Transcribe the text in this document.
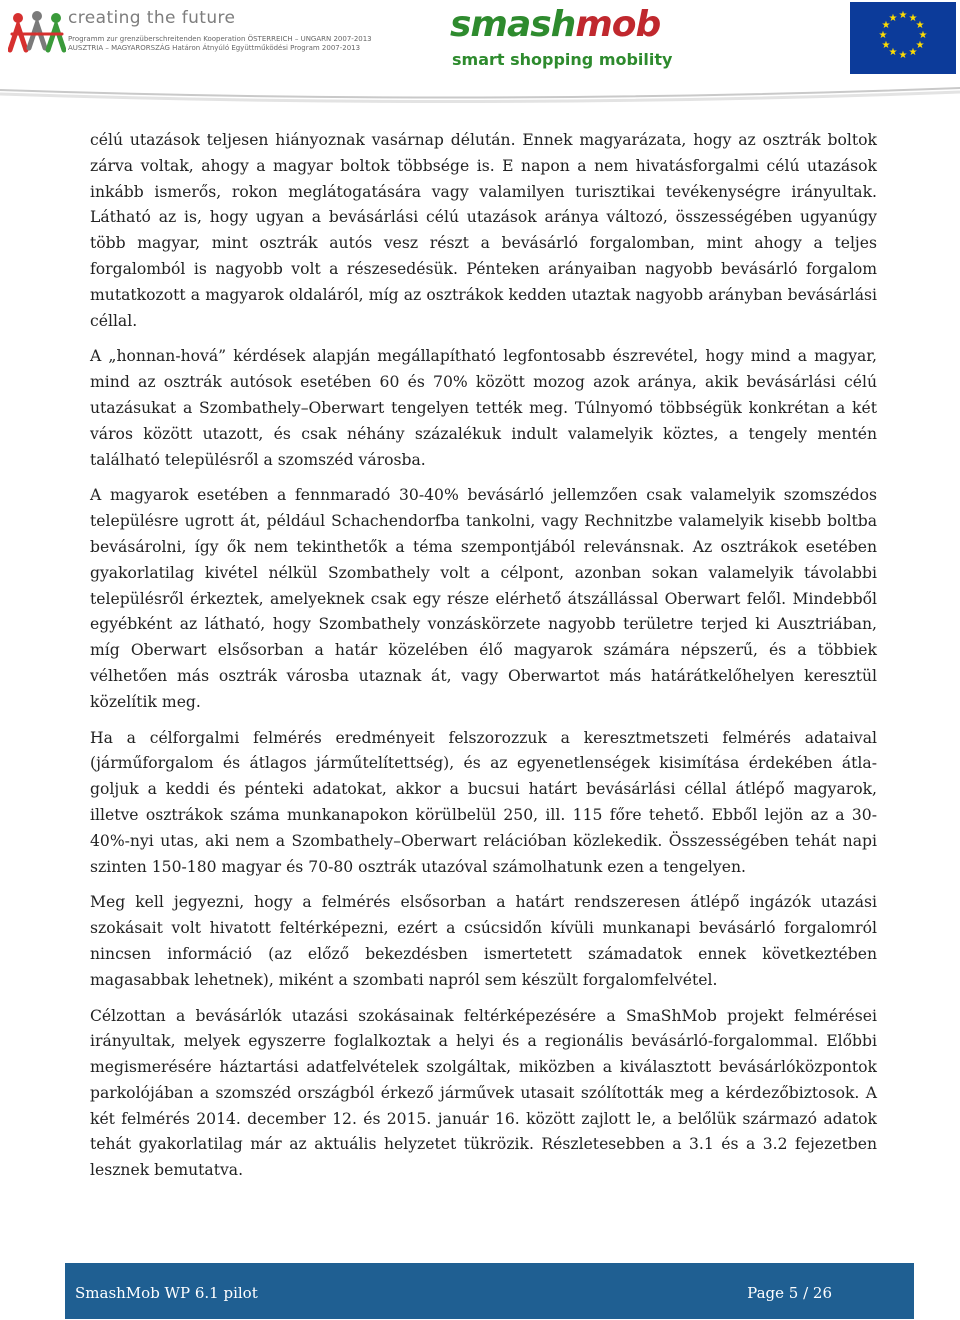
creating the future
Programm zur grenzüberschreitenden Kooperation ÖSTERREICH – UNGARN 2007-2013
AUSZTRIA – MAGYARORSZÁG Határon Átnyúló Együttműködési Program 2007-2013
smashmob
smart shopping mobility
★ ★
★
★
★
★
★
★
★
★
★
★

célú utazások teljesen hiányoznak vasárnap délután. Ennek magyarázata, hogy az osztrák boltok zárva voltak, ahogy a magyar boltok többsége is. E napon a nem hivatásforgalmi célú utazások inkább ismerős, rokon meglátogatására vagy valamilyen turisztikai tevékenységre irányultak. Látható az is, hogy ugyan a bevásárlási célú utazások aránya változó, összességében ugyanúgy több magyar, mint osztrák autós vesz részt a bevásárló forgalomban, mint ahogy a teljes forgalomból is nagyobb volt a részesedésük. Pénteken arányaiban nagyobb bevásárló forgalom mutatkozott a magyarok oldaláról, míg az osztrákok kedden utaztak nagyobb arányban bevásárlási céllal.

A „honnan-hová” kérdések alapján megállapítható legfontosabb észrevétel, hogy mind a magyar, mind az osztrák autósok esetében 60 és 70% között mozog azok aránya, akik bevásárlási célú utazásukat a Szombathely–Oberwart tengelyen tették meg. Túlnyomó többségük konkrétan a két város között utazott, és csak néhány százalékuk indult valamelyik köztes, a tengely mentén található településről a szomszéd városba.

A magyarok esetében a fennmaradó 30-40% bevásárló jellemzően csak valamelyik szomszédos településre ugrott át, például Schachendorfba tankolni, vagy Rechnitzbe valamelyik kisebb boltba bevásárolni, így ők nem tekinthetők a téma szempontjából relevánsnak. Az osztrákok esetében gyakorlatilag kivétel nélkül Szombathely volt a célpont, azonban sokan valamelyik távolabbi településről érkeztek, amelyeknek csak egy része elérhető átszállással Oberwart felől. Mindebből egyébként az látható, hogy Szombathely vonzáskörzete nagyobb területre terjed ki Ausztriában, míg Oberwart elsősorban a határ közelében élő magyarok számára népszerű, és a többiek vélhetően más osztrák városba utaznak át, vagy Oberwartot más határátkelőhelyen keresztül közelítik meg.

Ha a célforgalmi felmérés eredményeit felszorozzuk a keresztmetszeti felmérés adataival (járműforgalom és átlagos járműtelítettség), és az egyenetlenségek kisimítása érdekében átlagoljuk a keddi és pénteki adatokat, akkor a bucsui határt bevásárlási céllal átlépő magyarok, illetve osztrákok száma munkanapokon körülbelül 250, ill. 115 főre tehető. Ebből lejön az a 30-40%-nyi utas, aki nem a Szombathely–Oberwart relációban közlekedik. Összességében tehát napi szinten 150-180 magyar és 70-80 osztrák utazóval számolhatunk ezen a tengelyen.

Meg kell jegyezni, hogy a felmérés elsősorban a határt rendszeresen átlépő ingázók utazási szokásait volt hivatott feltérképezni, ezért a csúcsidőn kívüli munkanapi bevásárló forgalomról nincsen információ (az előző bekezdésben ismertetett számadatok ennek következtében magasabbak lehetnek), miként a szombati napról sem készült forgalomfelvétel.

Célzottan a bevásárlók utazási szokásainak feltérképezésére a SmaShMob projekt felmérései irányultak, melyek egyszerre foglalkoztak a helyi és a regionális bevásárló-forgalommal. Előbbi megismerésére háztartási adatfelvételek szolgáltak, miközben a kiválasztott bevásárlóközpontok parkolójában a szomszéd országból érkező járművek utasait szólították meg a kérdezőbiztosok. A két felmérés 2014. december 12. és 2015. január 16. között zajlott le, a belőlük származó adatok tehát gyakorlatilag már az aktuális helyzetet tükrözik. Részletesebben a 3.1 és a 3.2 fejezetben lesznek bemutatva.

SmashMob WP 6.1 pilot	Page 5 / 26
